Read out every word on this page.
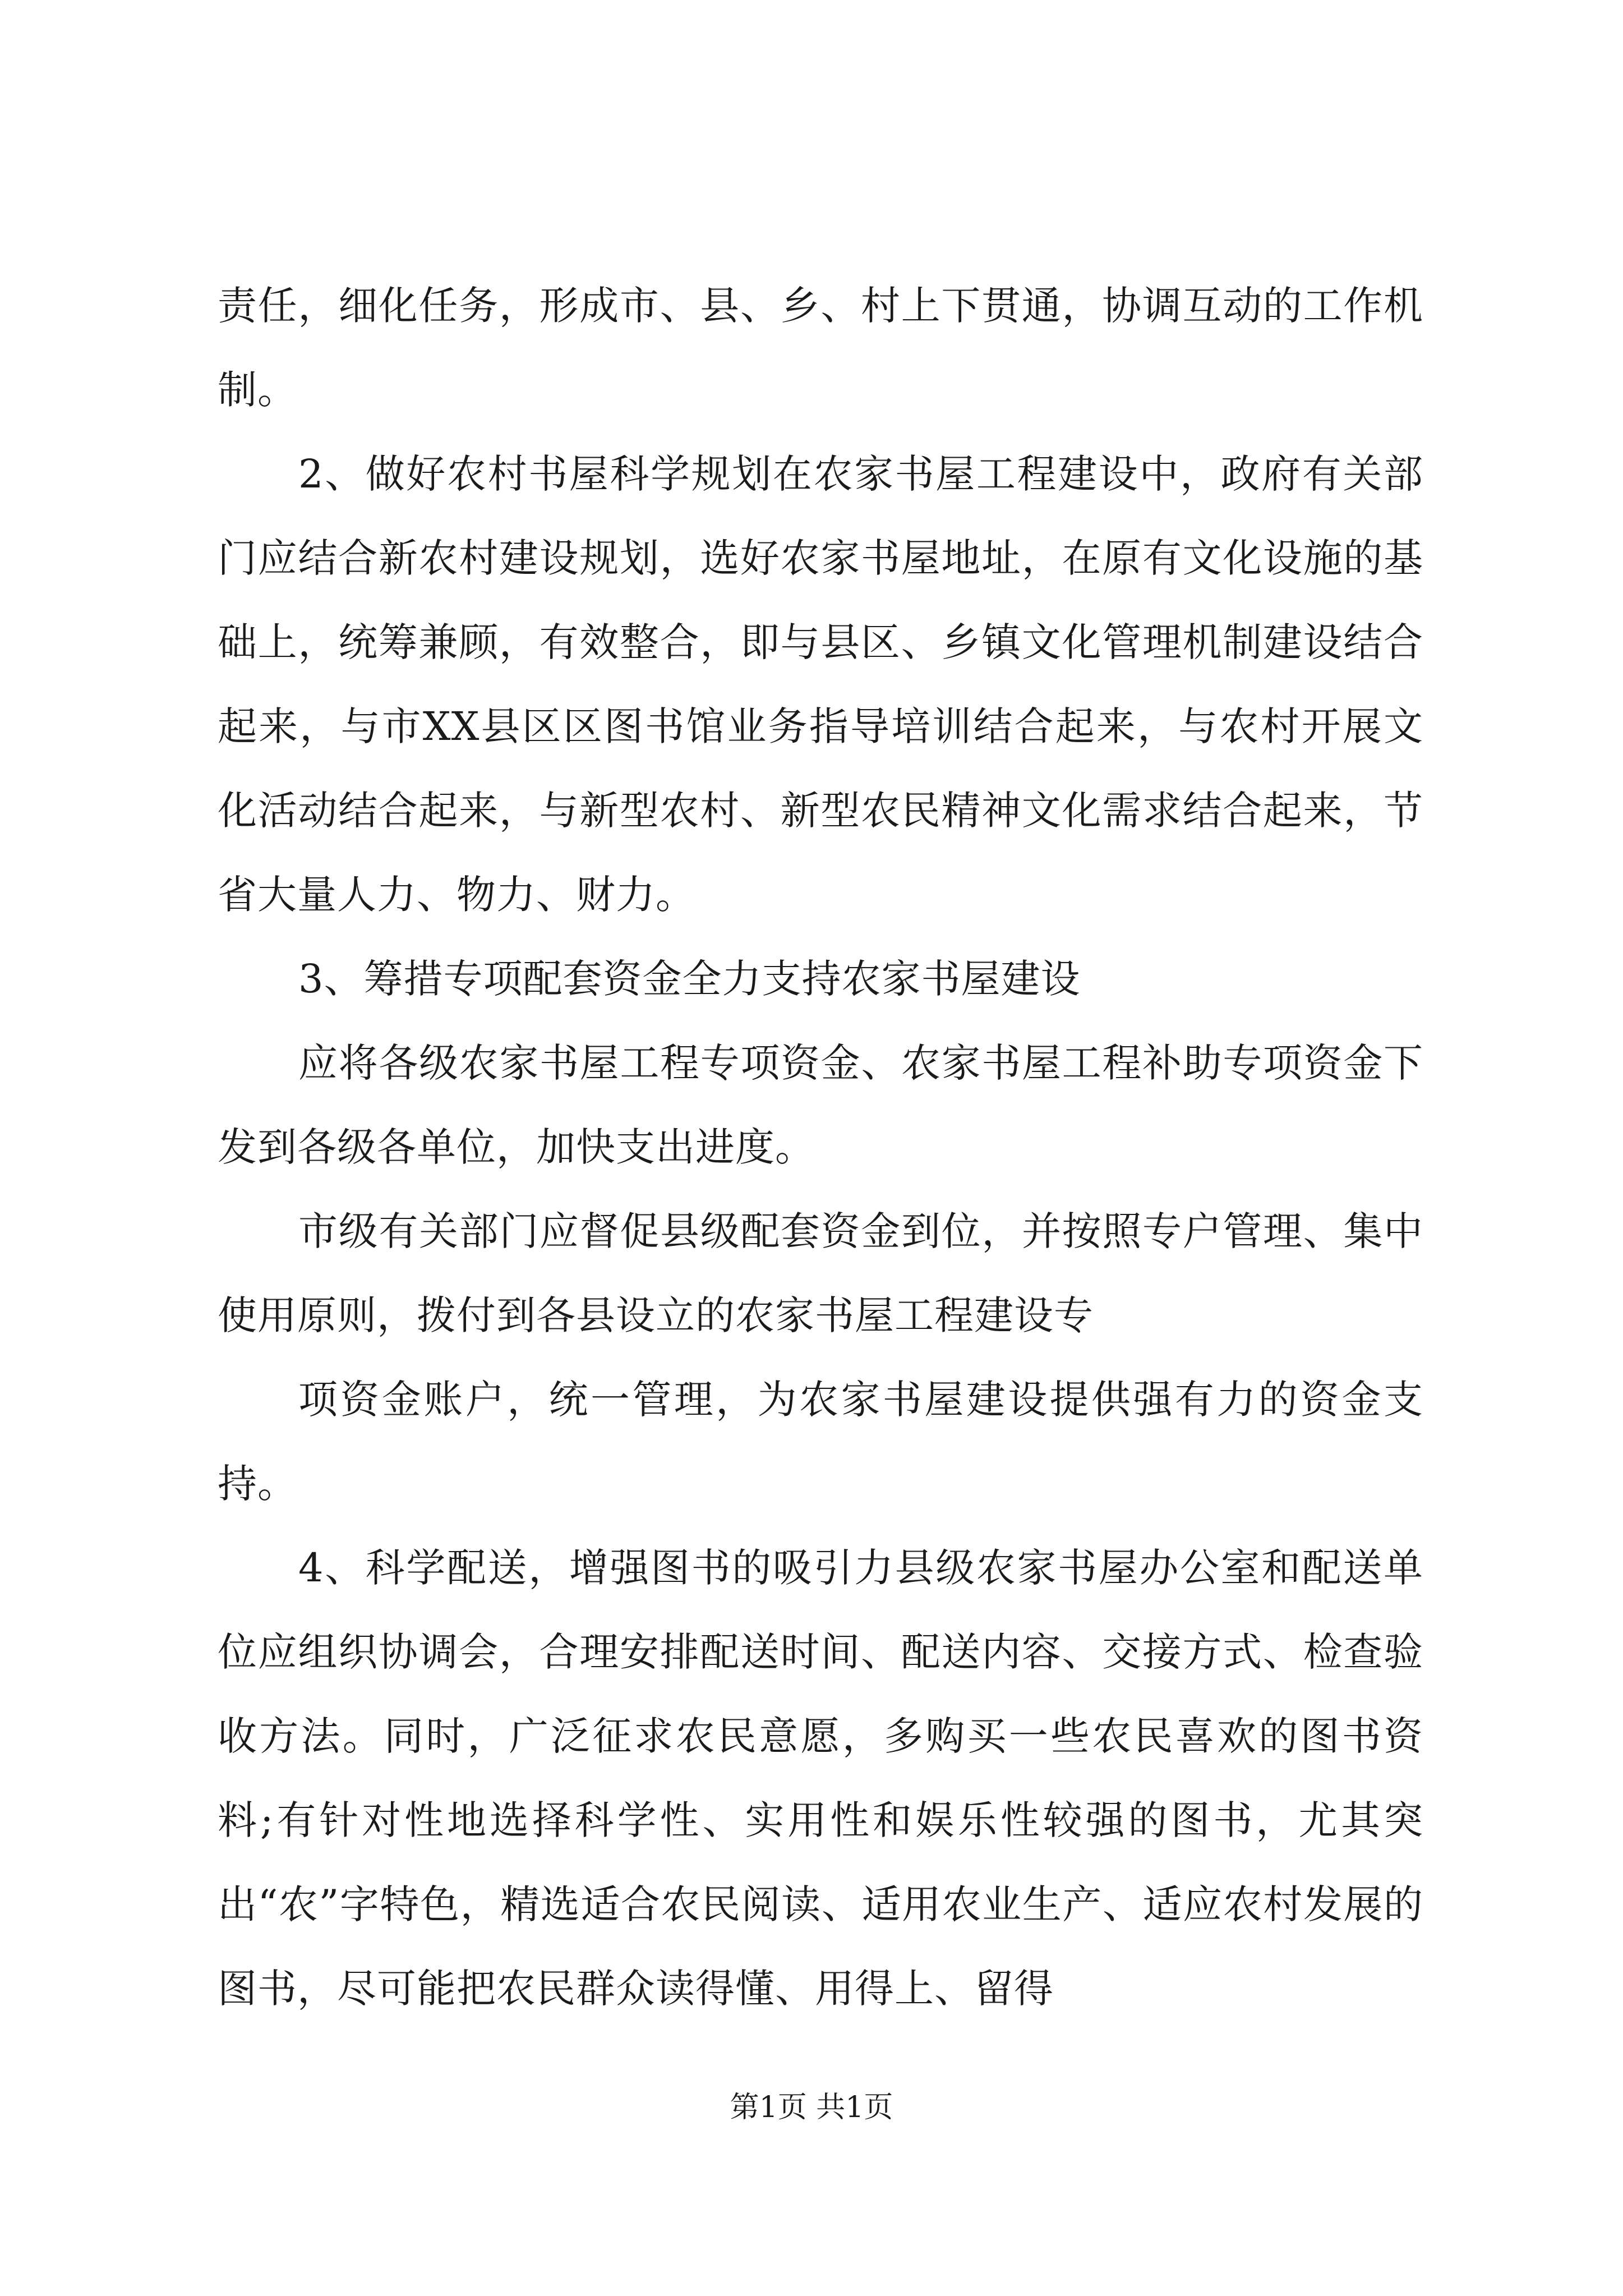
责任，细化任务，形成市、县、乡、村上下贯通，协调互动的工作机制。

2、做好农村书屋科学规划在农家书屋工程建设中，政府有关部门应结合新农村建设规划，选好农家书屋地址，在原有文化设施的基础上，统筹兼顾，有效整合，即与县区、乡镇文化管理机制建设结合起来，与市XX县区区图书馆业务指导培训结合起来，与农村开展文化活动结合起来，与新型农村、新型农民精神文化需求结合起来，节省大量人力、物力、财力。

3、筹措专项配套资金全力支持农家书屋建设

应将各级农家书屋工程专项资金、农家书屋工程补助专项资金下发到各级各单位，加快支出进度。

市级有关部门应督促县级配套资金到位，并按照专户管理、集中使用原则，拨付到各县设立的农家书屋工程建设专

项资金账户，统一管理，为农家书屋建设提供强有力的资金支持。

4、科学配送，增强图书的吸引力县级农家书屋办公室和配送单位应组织协调会，合理安排配送时间、配送内容、交接方式、检查验收方法。同时，广泛征求农民意愿，多购买一些农民喜欢的图书资料;有针对性地选择科学性、实用性和娱乐性较强的图书，尤其突出“农”字特色，精选适合农民阅读、适用农业生产、适应农村发展的图书，尽可能把农民群众读得懂、用得上、留得

第1页 共1页
